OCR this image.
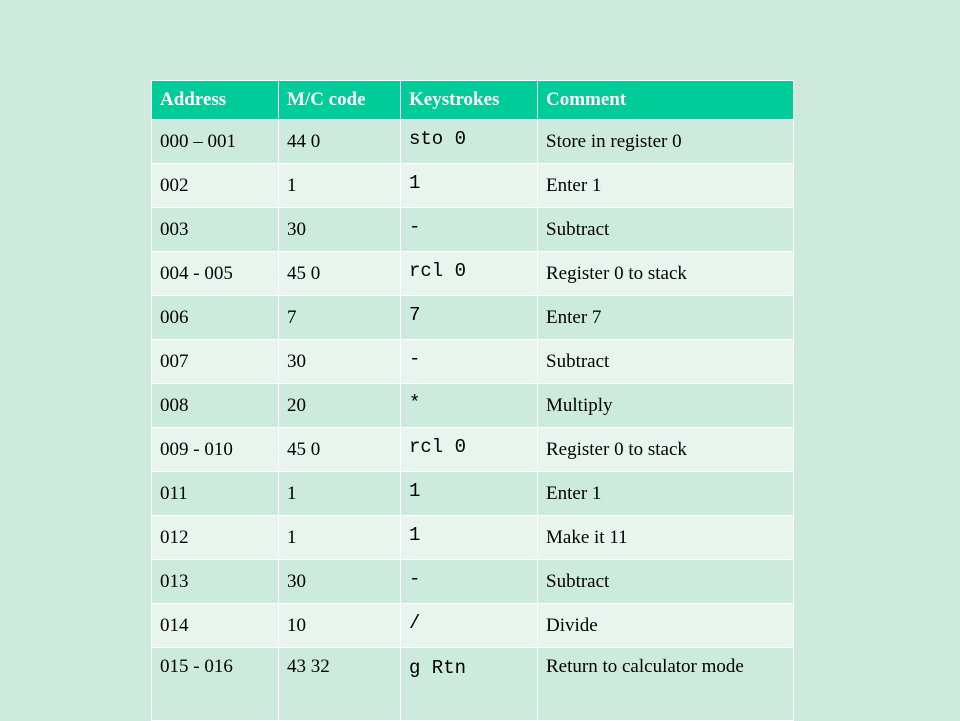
Address	M/C code	Keystrokes	Comment
000 – 001	44 0	sto 0	Store in register 0
002	1	1	Enter 1
003	30	-	Subtract
004 - 005	45 0	rcl 0	Register 0 to stack
006	7	7	Enter 7
007	30	-	Subtract
008	20	*	Multiply
009 - 010	45 0	rcl 0	Register 0 to stack
011	1	1	Enter 1
012	1	1	Make it 11
013	30	-	Subtract
014	10	/	Divide
015 - 016	43 32	g Rtn	Return to calculator mode
